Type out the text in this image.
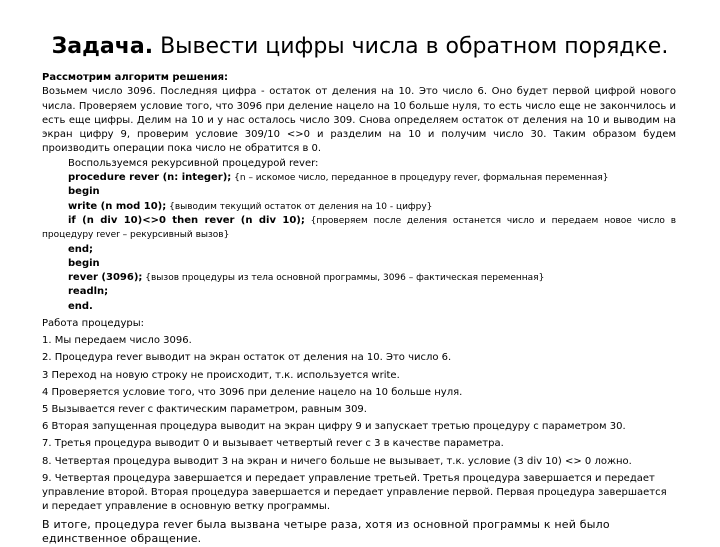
Задача. Вывести цифры числа в обратном порядке.

Рассмотрим алгоритм решения:

Возьмем число 3096. Последняя цифра - остаток от деления на 10. Это число 6. Оно будет первой цифрой нового числа. Проверяем условие того, что 3096 при деление нацело на 10 больше нуля, то есть число еще не закончилось и есть еще цифры. Делим на 10 и у нас осталось число 309. Снова определяем остаток от деления на 10 и выводим на экран цифру 9, проверим условие 309/10 <>0 и разделим на 10 и получим число 30. Таким образом будем производить операции пока число не обратится в 0.

Воспользуемся рекурсивной процедурой rever:
procedure rever (n: integer); {n – искомое число, переданное в процедуру rever, формальная переменная}
begin
write (n mod 10); {выводим текущий остаток от деления на 10 - цифру}
if (n div 10)<>0 then rever (n div 10); {проверяем после деления останется число и передаем новое число в процедуру rever – рекурсивный вызов}
end;
begin
rever (3096); {вызов процедуры из тела основной программы, 3096 – фактическая переменная}
readln;
end.

Работа процедуры:

1. Мы передаем число 3096.

2. Процедура rever выводит на экран остаток от деления на 10. Это число 6.

3 Переход на новую строку не происходит, т.к. используется write.

4 Проверяется условие того, что 3096 при деление нацело на 10 больше нуля.

5 Вызывается rever с фактическим параметром, равным 309.

6 Вторая запущенная процедура выводит на экран цифру 9 и запускает третью процедуру с параметром 30.

7. Третья процедура выводит 0 и вызывает четвертый rever с 3 в качестве параметра.

8. Четвертая процедура выводит 3 на экран и ничего больше не вызывает, т.к. условие (3 div 10) <> 0 ложно.

9. Четвертая процедура завершается и передает управление третьей. Третья процедура завершается и передает управление второй. Вторая процедура завершается и передает управление первой. Первая процедура завершается и передает управление в основную ветку программы.

В итоге, процедура rever была вызвана четыре раза, хотя из основной программы к ней было единственное обращение.
